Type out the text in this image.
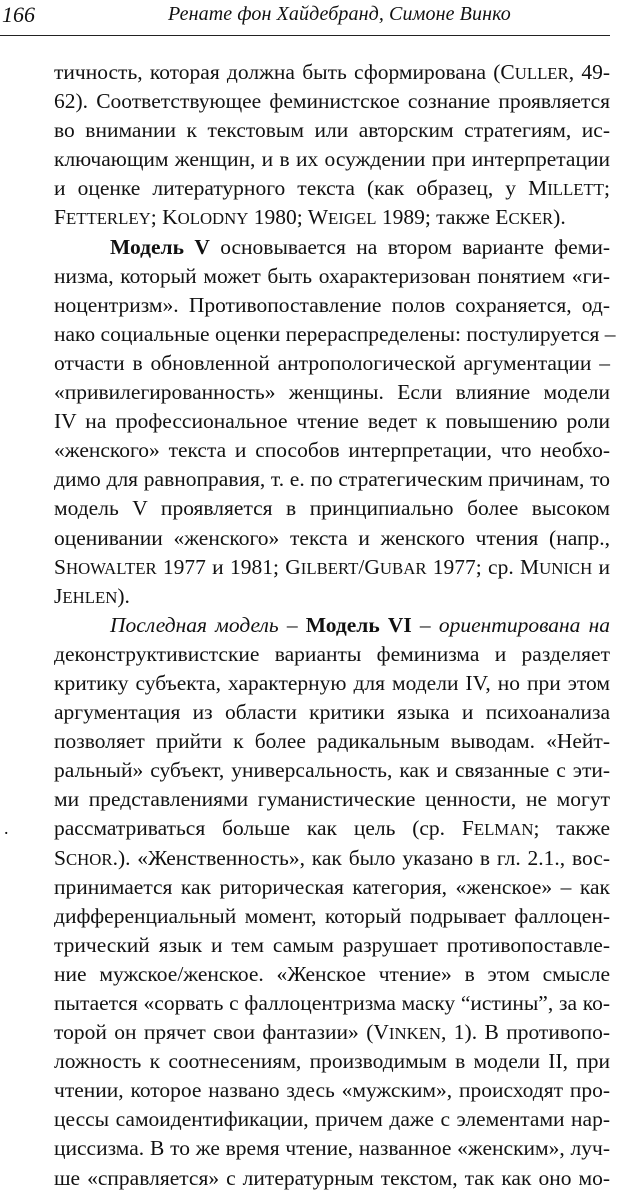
166	Ренате фон Хайдебранд, Симоне Винко
тичность, которая должна быть сформирована (CULLER, 49-
62). Соответствующее феминистское сознание проявляется
во внимании к текстовым или авторским стратегиям, ис-
ключающим женщин, и в их осуждении при интерпретации
и оценке литературного текста (как образец, у MILLETT;
FETTERLEY; KOLODNY 1980; WEIGEL 1989; также ECKER).
Модель V основывается на втором варианте феми-
низма, который может быть охарактеризован понятием «ги-
ноцентризм». Противопоставление полов сохраняется, од-
нако социальные оценки перераспределены: постулируется –
отчасти в обновленной антропологической аргументации –
«привилегированность» женщины. Если влияние модели
IV на профессиональное чтение ведет к повышению роли
«женского» текста и способов интерпретации, что необхо-
димо для равноправия, т. е. по стратегическим причинам, то
модель V проявляется в принципиально более высоком
оценивании «женского» текста и женского чтения (напр.,
SHOWALTER 1977 и 1981; GILBERT/GUBAR 1977; ср. MUNICH и
JEHLEN).
Последная модель – Модель VI – ориентирована на
деконструктивистские варианты феминизма и разделяет
критику субъекта, характерную для модели IV, но при этом
аргументация из области критики языка и психоанализа
позволяет прийти к более радикальным выводам. «Нейт-
ральный» субъект, универсальность, как и связанные с эти-
ми представлениями гуманистические ценности, не могут
рассматриваться больше как цель (ср. FELMAN; также
SCHOR.). «Женственность», как было указано в гл. 2.1., вос-
принимается как риторическая категория, «женское» – как
дифференциальный момент, который подрывает фаллоцен-
трический язык и тем самым разрушает противопоставле-
ние мужское/женское. «Женское чтение» в этом смысле
пытается «сорвать с фаллоцентризма маску “истины”, за ко-
торой он прячет свои фантазии» (VINKEN, 1). В противопо-
ложность к соотнесениям, производимым в модели II, при
чтении, которое названо здесь «мужским», происходят про-
цессы самоидентификации, причем даже с элементами нар-
циссизма. В то же время чтение, названное «женским», луч-
ше «справляется» с литературным текстом, так как оно мо-
.
